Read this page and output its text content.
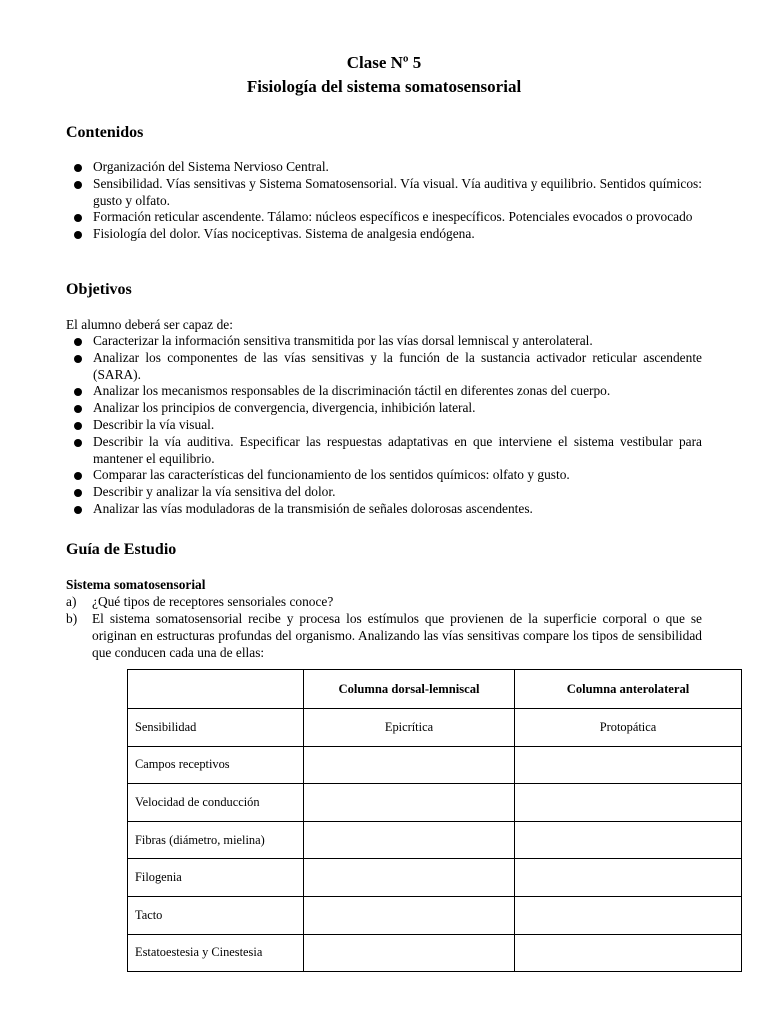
Clase Nº 5
Fisiología del sistema somatosensorial
Contenidos
Organización del Sistema Nervioso Central.
Sensibilidad. Vías sensitivas y Sistema Somatosensorial. Vía visual. Vía auditiva y equilibrio. Sentidos químicos: gusto y olfato.
Formación reticular ascendente. Tálamo: núcleos específicos e inespecíficos. Potenciales evocados o provocado
Fisiología del dolor. Vías nociceptivas. Sistema de analgesia endógena.
Objetivos
El alumno deberá ser capaz de:
Caracterizar la información sensitiva transmitida por las vías dorsal lemniscal y anterolateral.
Analizar los componentes de las vías sensitivas y la función de la sustancia activador reticular ascendente (SARA).
Analizar los mecanismos responsables de la discriminación táctil en diferentes zonas del cuerpo.
Analizar los principios de convergencia, divergencia, inhibición lateral.
Describir la vía visual.
Describir la vía auditiva. Especificar las respuestas adaptativas en que interviene el sistema vestibular para mantener el equilibrio.
Comparar las características del funcionamiento de los sentidos químicos: olfato y gusto.
Describir y analizar la vía sensitiva del dolor.
Analizar las vías moduladoras de la transmisión de señales dolorosas ascendentes.
Guía de Estudio
Sistema somatosensorial
a) ¿Qué tipos de receptores sensoriales conoce?
b) El sistema somatosensorial recibe y procesa los estímulos que provienen de la superficie corporal o que se originan en estructuras profundas del organismo. Analizando las vías sensitivas compare los tipos de sensibilidad que conducen cada una de ellas:
	Columna dorsal-lemniscal	Columna anterolateral
Sensibilidad	Epicrítica	Protopática
Campos receptivos		
Velocidad de conducción		
Fibras (diámetro, mielina)		
Filogenia		
Tacto		
Estatoestesia y Cinestesia		
